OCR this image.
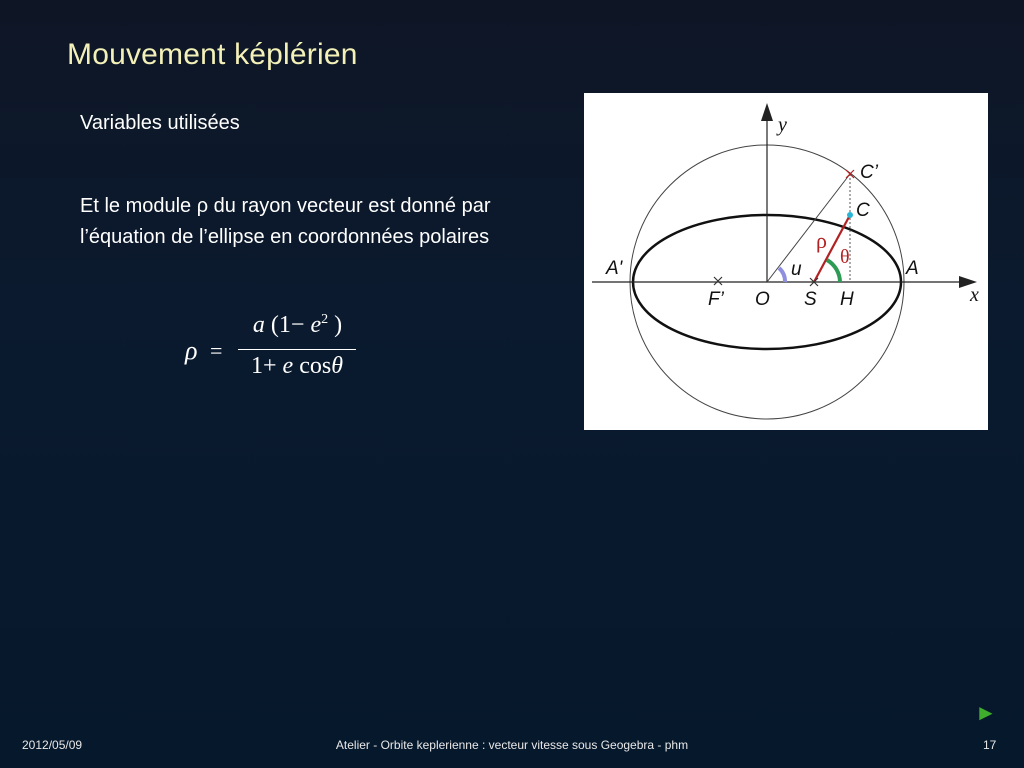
Mouvement képlérien
Variables utilisées
Et le module ρ du rayon vecteur est donné par l’équation de l’ellipse en coordonnées polaires
ρ =
a ($1- e^2$ )
1+ e cosθ
y
x
C’
C
ρ
θ
A'	A
u
F’ O S H
►
2012/05/09	Atelier - Orbite keplerienne : vecteur vitesse sous Geogebra - phm	17
